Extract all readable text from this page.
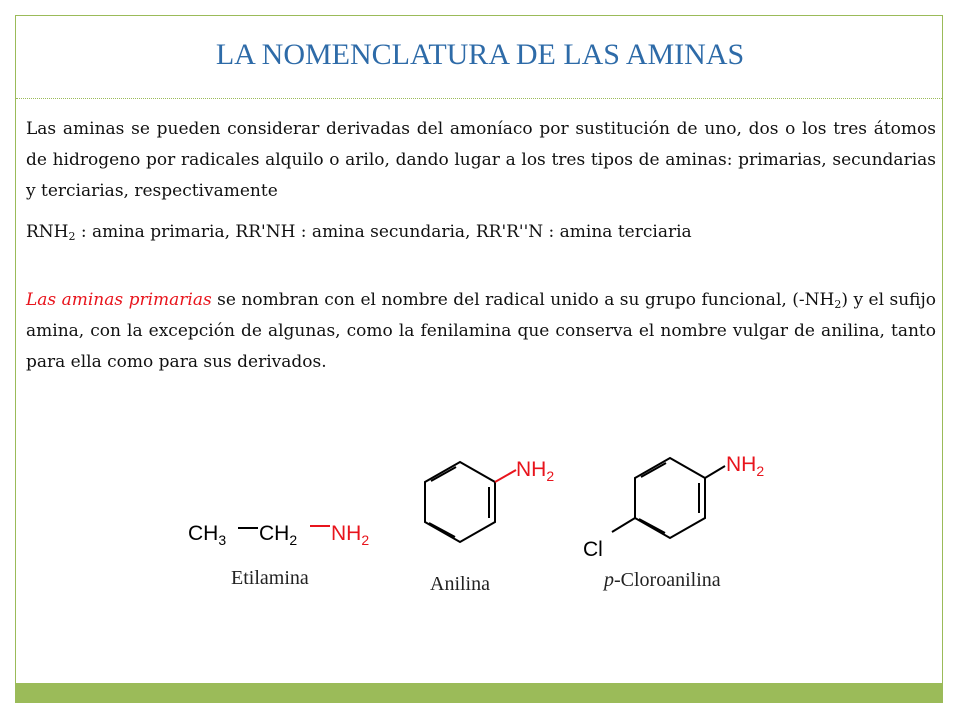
LA NOMENCLATURA DE LAS AMINAS
Las aminas se pueden considerar derivadas del amoníaco por sustitución de uno, dos o los tres átomos de hidrogeno por radicales alquilo o arilo, dando lugar a los tres tipos de aminas: primarias, secundarias y terciarias, respectivamente
$RNH_2$ : amina primaria, RR'NH : amina secundaria, RR'R''N : amina terciaria
Las aminas primarias se nombran con el nombre del radical unido a su grupo funcional, $(-NH_2)$ y el sufijo amina, con la excepción de algunas, como la fenilamina que conserva el nombre vulgar de anilina, tanto para ella como para sus derivados.
$CH_3$ $CH_2$ $NH_2$
Etilamina
$NH_2$
Anilina
$NH_2$
Cl
p-Cloroanilina
